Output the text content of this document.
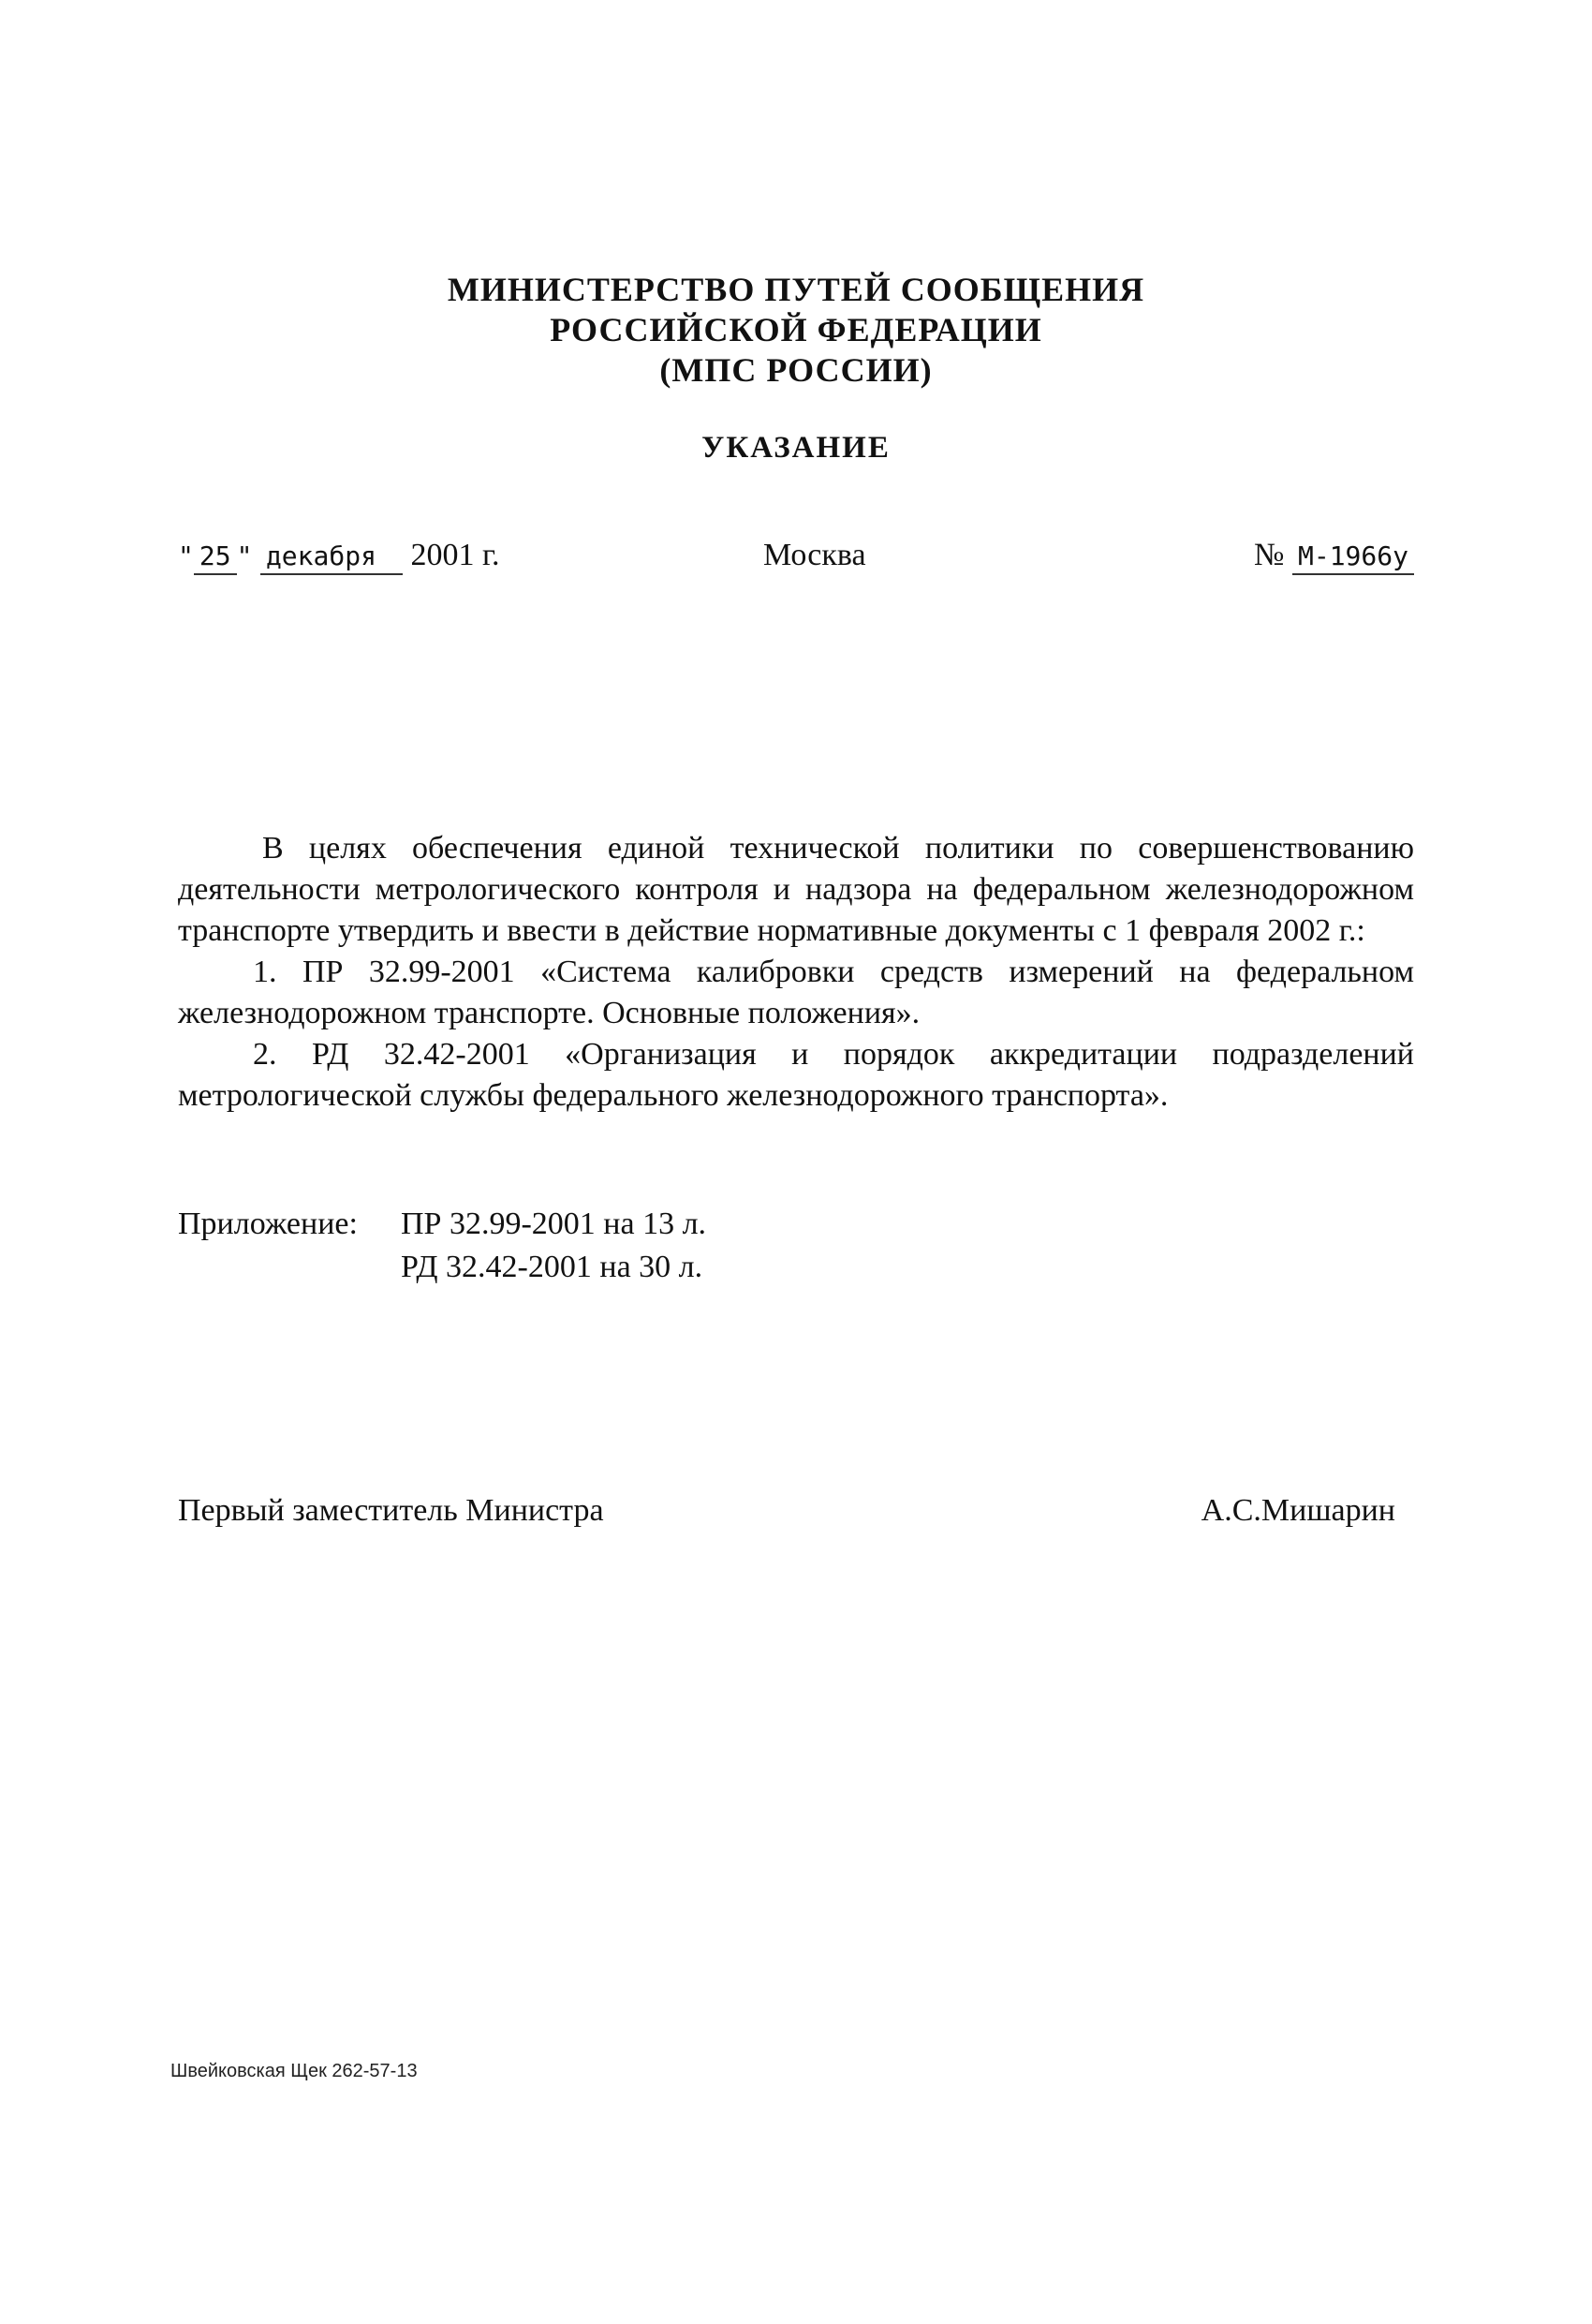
МИНИСТЕРСТВО ПУТЕЙ СООБЩЕНИЯ
РОССИЙСКОЙ ФЕДЕРАЦИИ
(МПС РОССИИ)
УКАЗАНИЕ
" 25 " декабря 2001 г.	Москва	№ М-1966у

В целях обеспечения единой технической политики по совершенствованию деятельности метрологического контроля и надзора на федеральном железнодорожном транспорте утвердить и ввести в действие нормативные документы с 1 февраля 2002 г.:

1. ПР 32.99-2001 «Система калибровки средств измерений на федеральном железнодорожном транспорте. Основные положения».

2. РД 32.42-2001 «Организация и порядок аккредитации подразделений метрологической службы федерального железнодорожного транспорта».

Приложение: ПР 32.99-2001 на 13 л.
РД 32.42-2001 на 30 л.
Первый заместитель Министра	А.С.Мишарин
Швейковская Щек 262-57-13
